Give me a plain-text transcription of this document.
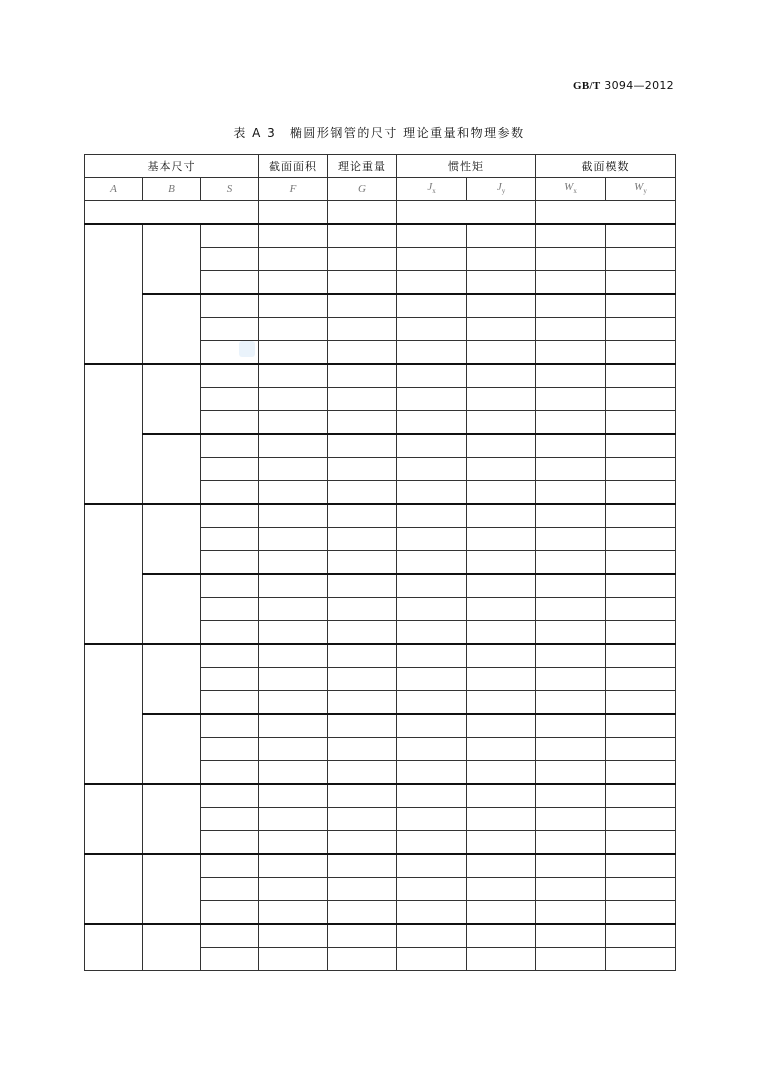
GB/T 3094—2012
表 A 3　椭圆形钢管的尺寸 理论重量和物理参数
基本尺寸			截面面积	理论重量	惯性矩		截面模数	
A	B	S	F	G	$J_x$	$J_y$	$W_x$	$W_y$
